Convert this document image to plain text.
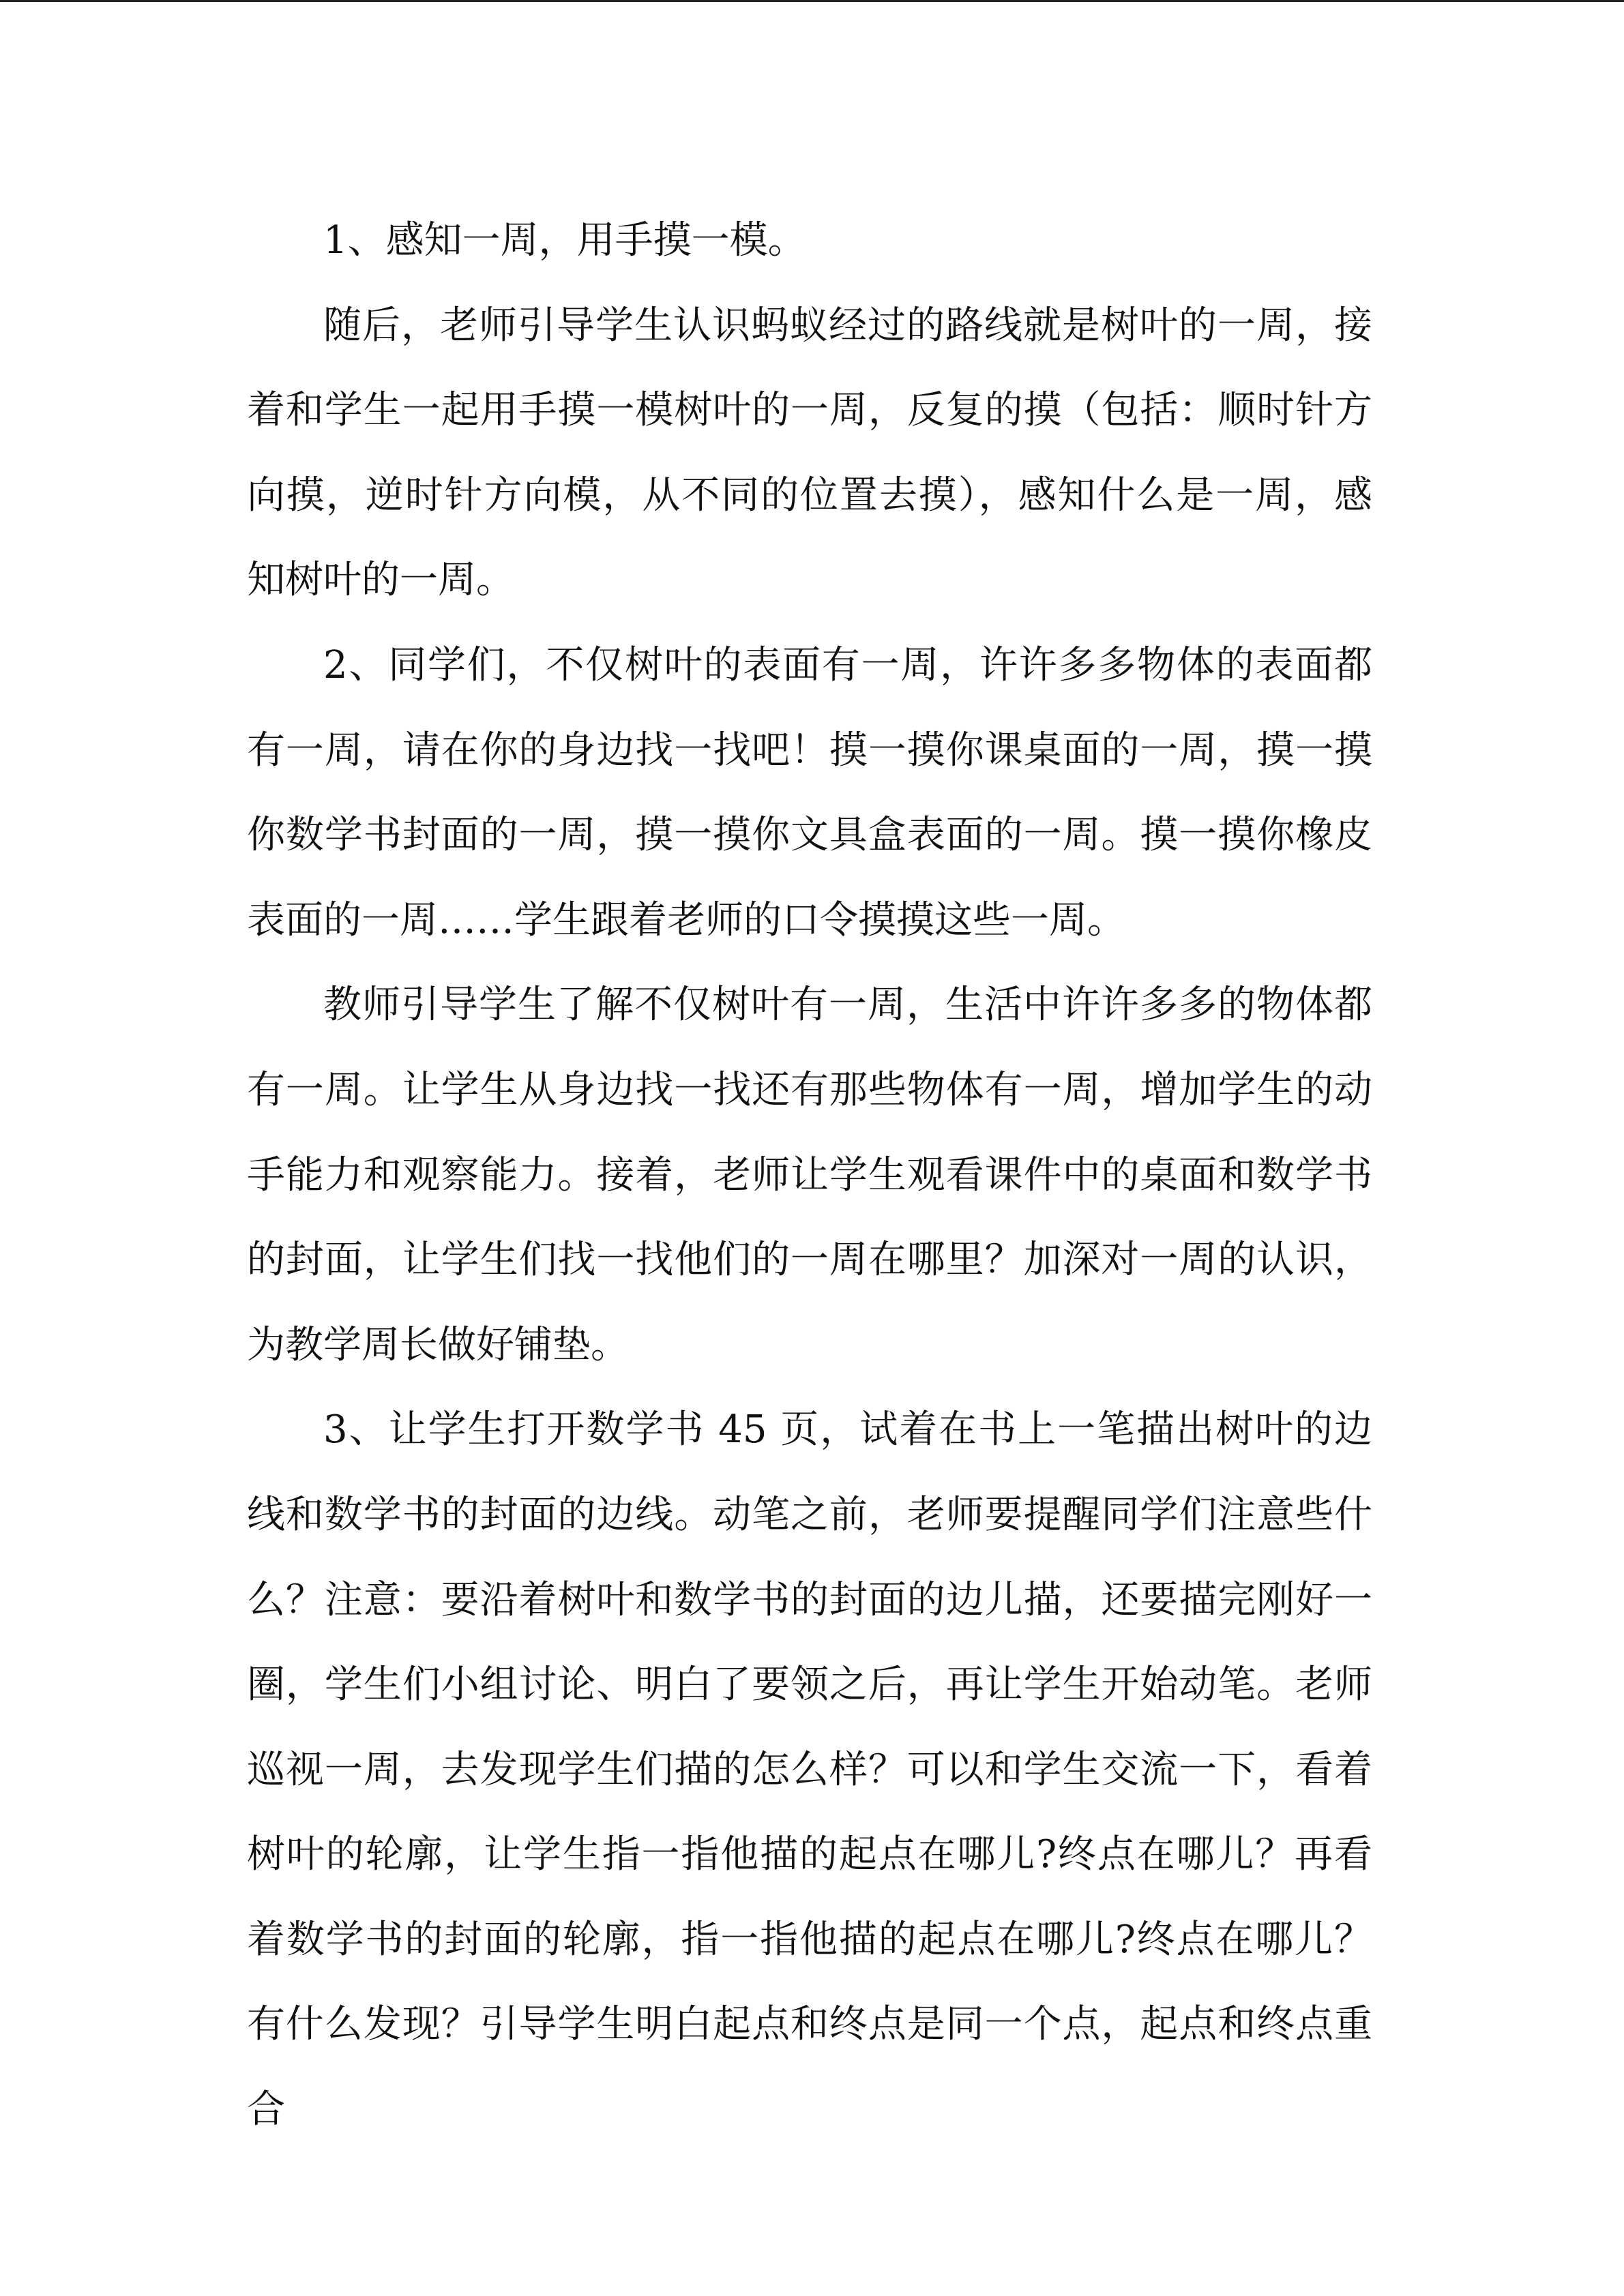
1、感知一周，用手摸一模。

随后，老师引导学生认识蚂蚁经过的路线就是树叶的一周，接着和学生一起用手摸一模树叶的一周，反复的摸（包括：顺时针方向摸，逆时针方向模，从不同的位置去摸），感知什么是一周，感知树叶的一周。

2、同学们，不仅树叶的表面有一周，许许多多物体的表面都有一周，请在你的身边找一找吧！摸一摸你课桌面的一周，摸一摸你数学书封面的一周，摸一摸你文具盒表面的一周。摸一摸你橡皮表面的一周……学生跟着老师的口令摸摸这些一周。

教师引导学生了解不仅树叶有一周，生活中许许多多的物体都有一周。让学生从身边找一找还有那些物体有一周，增加学生的动手能力和观察能力。接着，老师让学生观看课件中的桌面和数学书的封面，让学生们找一找他们的一周在哪里？加深对一周的认识，为教学周长做好铺垫。

3、让学生打开数学书 45 页，试着在书上一笔描出树叶的边线和数学书的封面的边线。动笔之前，老师要提醒同学们注意些什么？注意：要沿着树叶和数学书的封面的边儿描，还要描完刚好一圈，学生们小组讨论、明白了要领之后，再让学生开始动笔。老师巡视一周，去发现学生们描的怎么样？可以和学生交流一下，看着树叶的轮廓，让学生指一指他描的起点在哪儿?终点在哪儿？再看着数学书的封面的轮廓，指一指他描的起点在哪儿?终点在哪儿？有什么发现？引导学生明白起点和终点是同一个点，起点和终点重合
